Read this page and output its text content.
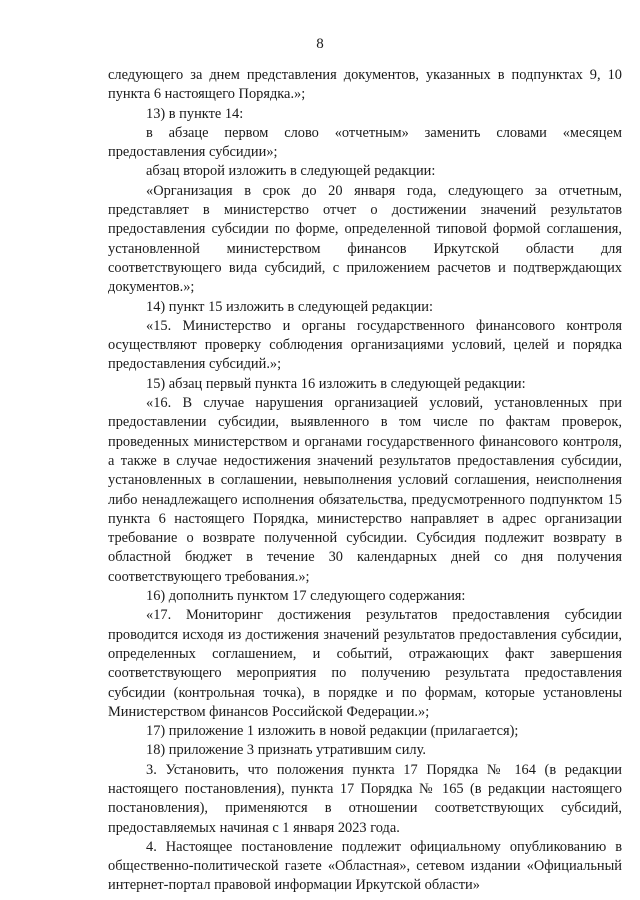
8

следующего за днем представления документов, указанных в подпунктах 9, 10 пункта 6 настоящего Порядка.»;

13) в пункте 14:

в абзаце первом слово «отчетным» заменить словами «месяцем предоставления субсидии»;

абзац второй изложить в следующей редакции:

«Организация в срок до 20 января года, следующего за отчетным, представляет в министерство отчет о достижении значений результатов предоставления субсидии по форме, определенной типовой формой соглашения, установленной министерством финансов Иркутской области для соответствующего вида субсидий, с приложением расчетов и подтверждающих документов.»;

14) пункт 15 изложить в следующей редакции:

«15. Министерство и органы государственного финансового контроля осуществляют проверку соблюдения организациями условий, целей и порядка предоставления субсидий.»;

15) абзац первый пункта 16 изложить в следующей редакции:

«16. В случае нарушения организацией условий, установленных при предоставлении субсидии, выявленного в том числе по фактам проверок, проведенных министерством и органами государственного финансового контроля, а также в случае недостижения значений результатов предоставления субсидии, установленных в соглашении, невыполнения условий соглашения, неисполнения либо ненадлежащего исполнения обязательства, предусмотренного подпунктом 15 пункта 6 настоящего Порядка, министерство направляет в адрес организации требование о возврате полученной субсидии. Субсидия подлежит возврату в областной бюджет в течение 30 календарных дней со дня получения соответствующего требования.»;

16) дополнить пунктом 17 следующего содержания:

«17. Мониторинг достижения результатов предоставления субсидии проводится исходя из достижения значений результатов предоставления субсидии, определенных соглашением, и событий, отражающих факт завершения соответствующего мероприятия по получению результата предоставления субсидии (контрольная точка), в порядке и по формам, которые установлены Министерством финансов Российской Федерации.»;

17) приложение 1 изложить в новой редакции (прилагается);

18) приложение 3 признать утратившим силу.

3. Установить, что положения пункта 17 Порядка № 164 (в редакции настоящего постановления), пункта 17 Порядка № 165 (в редакции настоящего постановления), применяются в отношении соответствующих субсидий, предоставляемых начиная с 1 января 2023 года.

4. Настоящее постановление подлежит официальному опубликованию в общественно-политической газете «Областная», сетевом издании «Официальный интернет-портал правовой информации Иркутской области»
